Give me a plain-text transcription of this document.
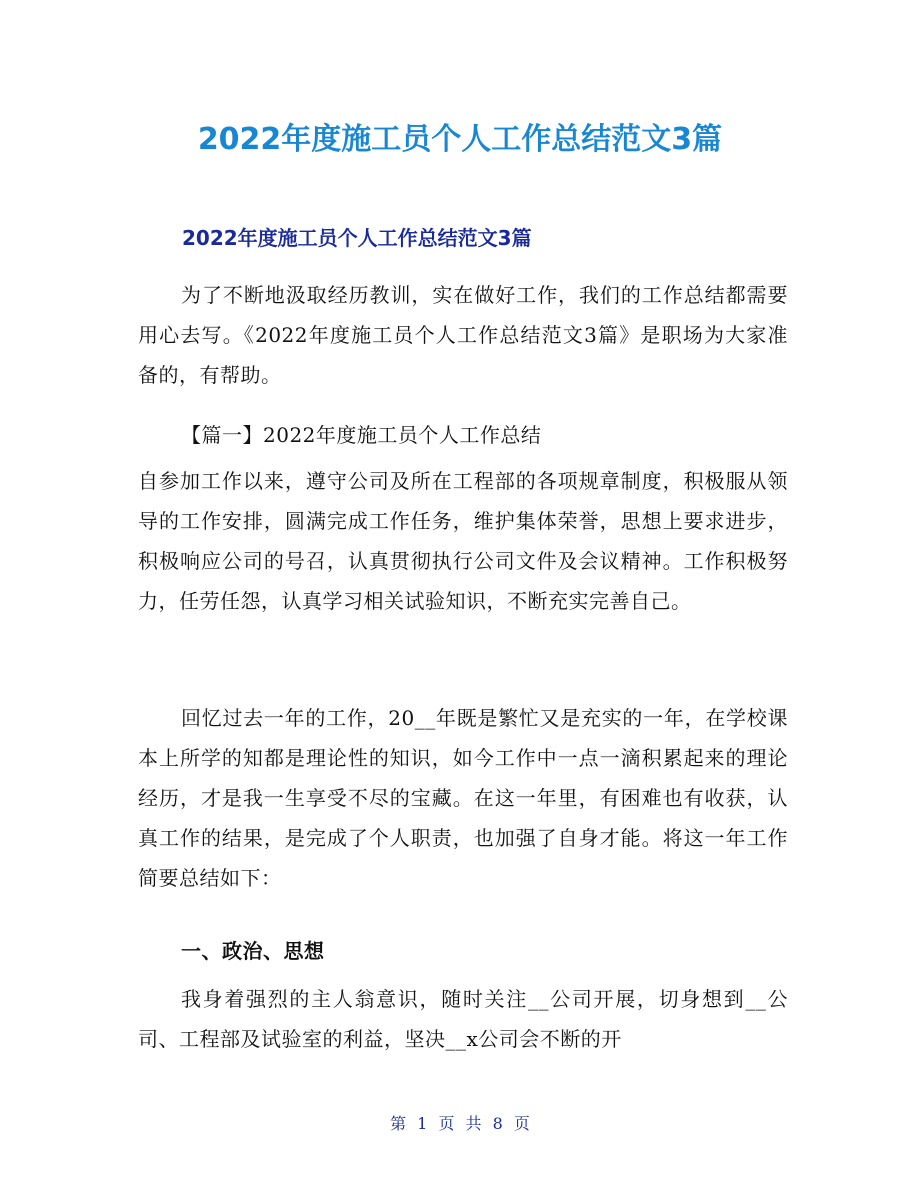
2022年度施工员个人工作总结范文3篇
2022年度施工员个人工作总结范文3篇

为了不断地汲取经历教训，实在做好工作，我们的工作总结都需要用心去写。《2022年度施工员个人工作总结范文3篇》是职场为大家准备的，有帮助。

【篇一】2022年度施工员个人工作总结

自参加工作以来，遵守公司及所在工程部的各项规章制度，积极服从领导的工作安排，圆满完成工作任务，维护集体荣誉，思想上要求进步，积极响应公司的号召，认真贯彻执行公司文件及会议精神。工作积极努力，任劳任怨，认真学习相关试验知识，不断充实完善自己。

回忆过去一年的工作，20__年既是繁忙又是充实的一年，在学校课本上所学的知都是理论性的知识，如今工作中一点一滴积累起来的理论经历，才是我一生享受不尽的宝藏。在这一年里，有困难也有收获，认真工作的结果，是完成了个人职责，也加强了自身才能。将这一年工作简要总结如下：

一、政治、思想

我身着强烈的主人翁意识，随时关注__公司开展，切身想到__公司、工程部及试验室的利益，坚决__x公司会不断的开

第 1 页 共 8 页
